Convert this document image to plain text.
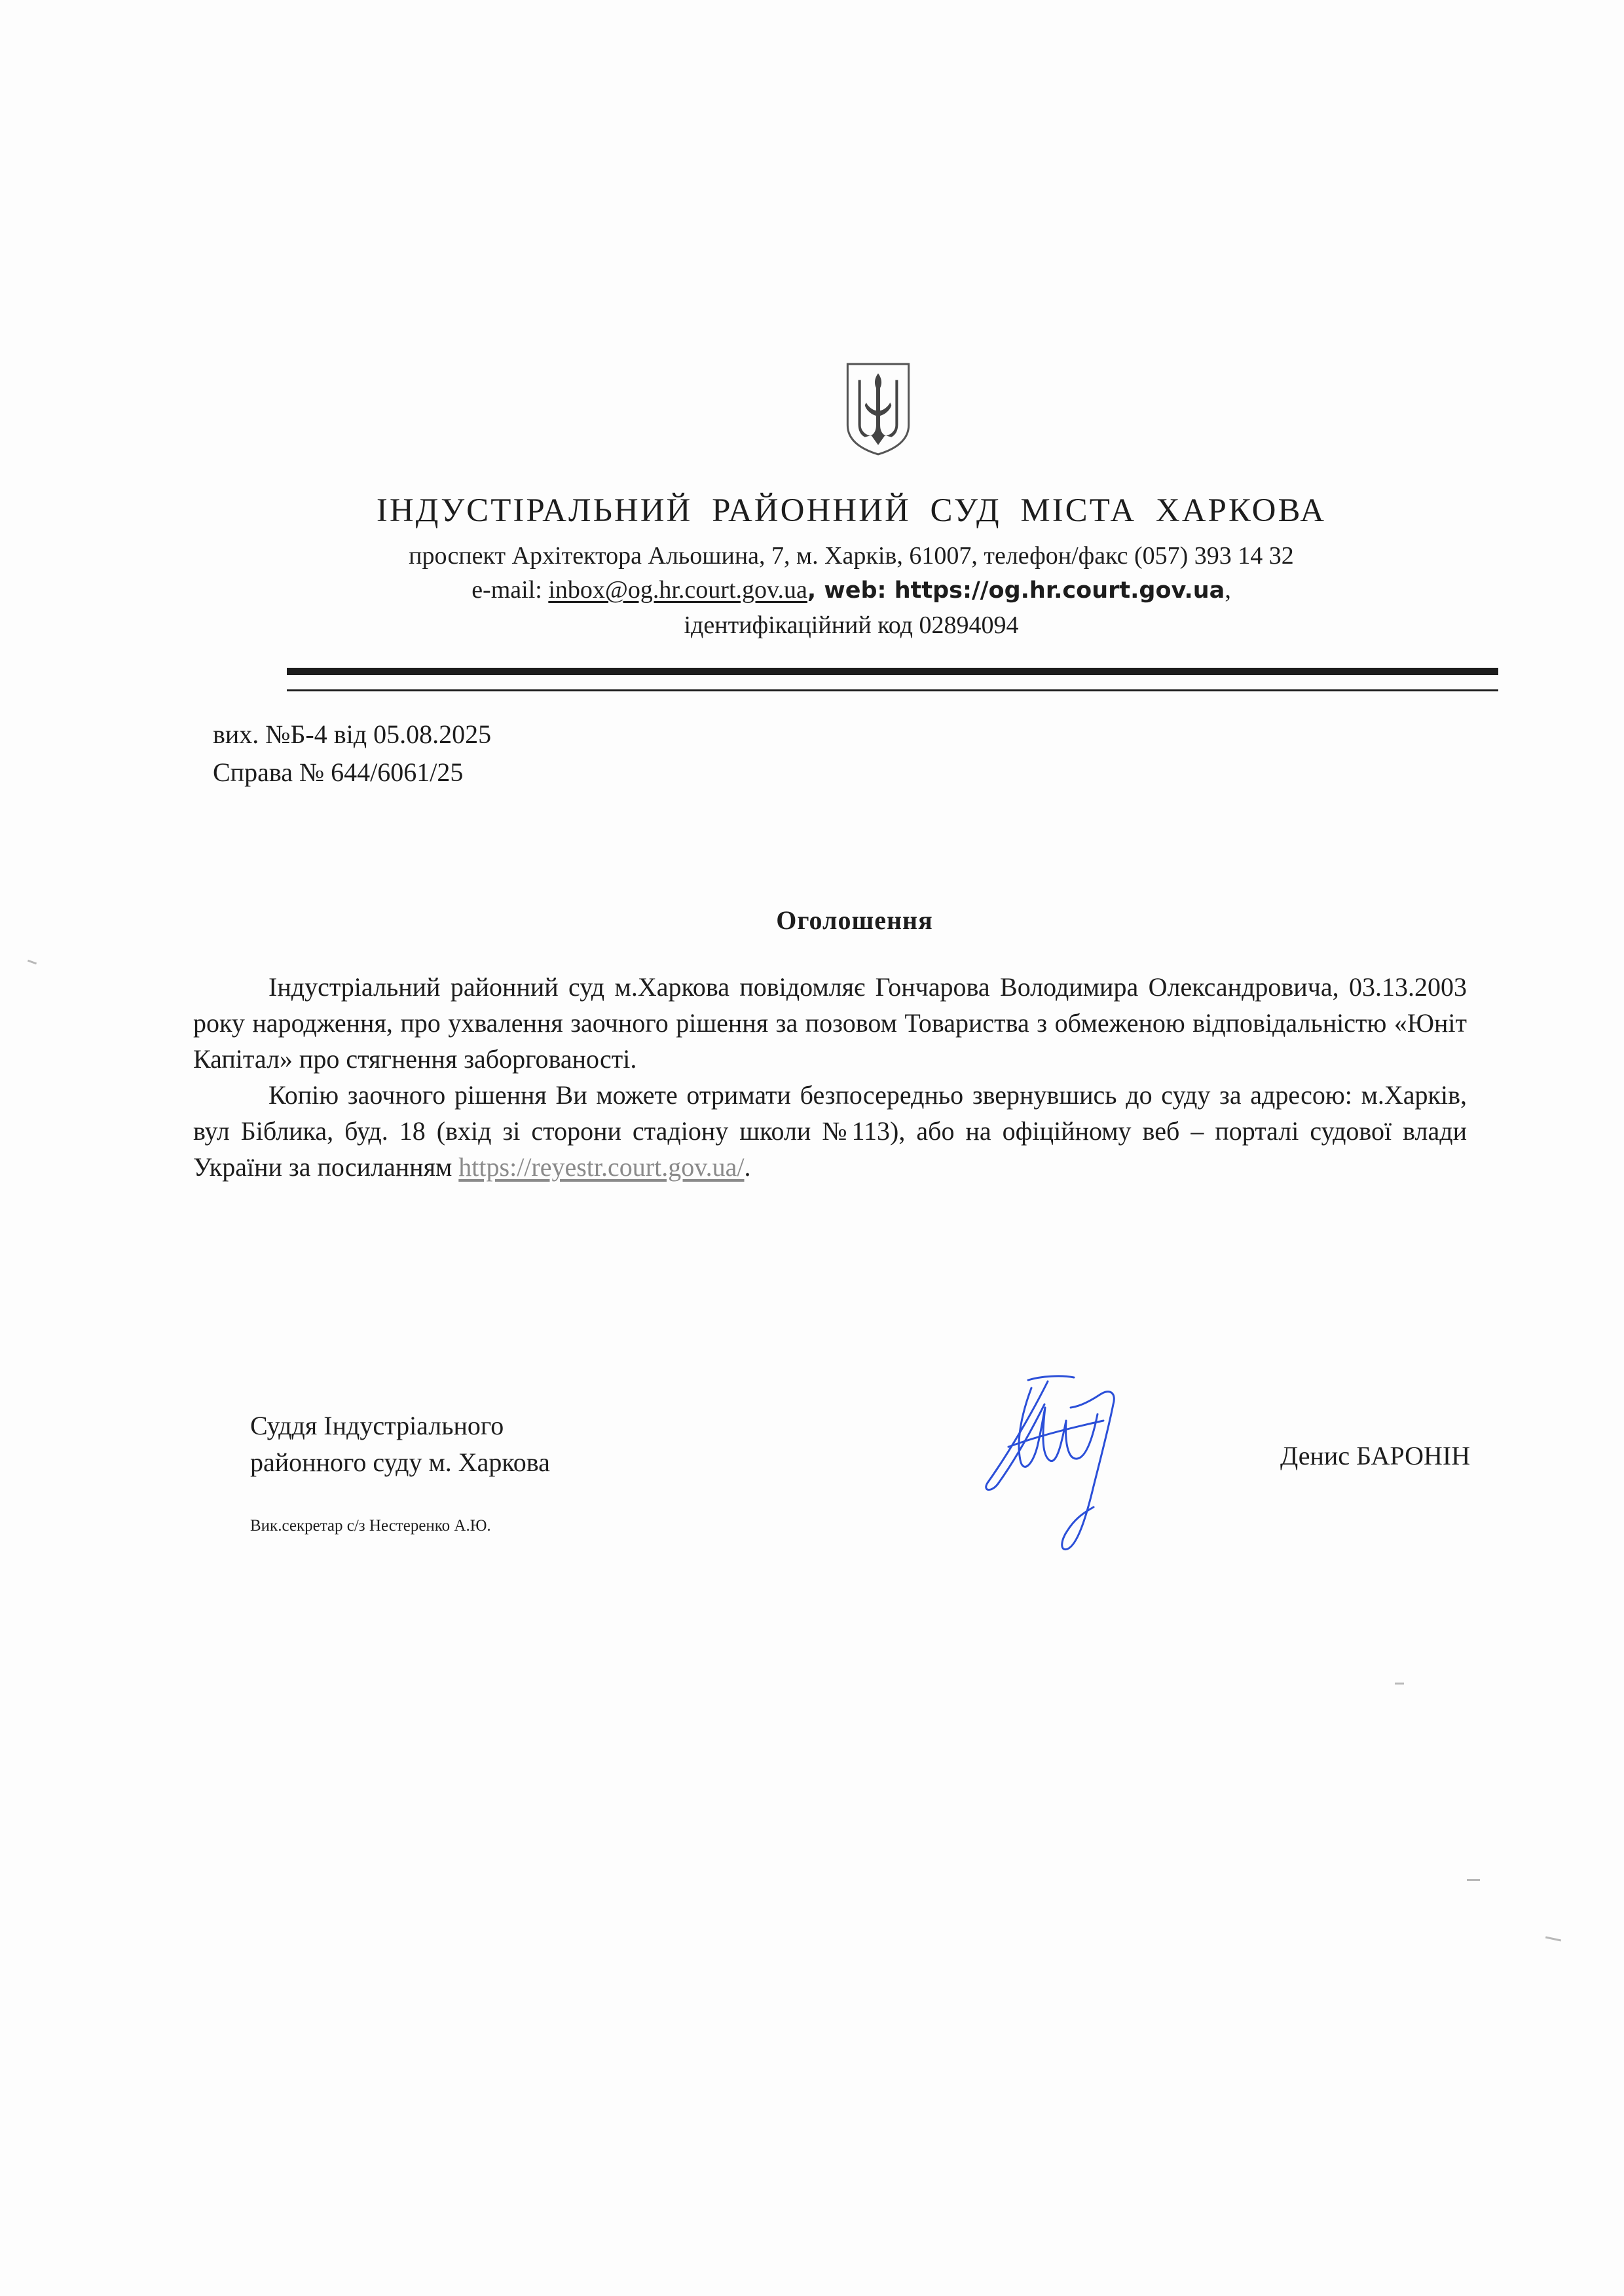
ІНДУСТІРАЛЬНИЙ РАЙОННИЙ СУД МІСТА ХАРКОВА
проспект Архітектора Альошина, 7, м. Харків, 61007, телефон/факс (057) 393 14 32
e-mail: inbox@og.hr.court.gov.ua, web: https://og.hr.court.gov.ua,
ідентифікаційний код 02894094
вих. №Б-4 від 05.08.2025
Справа № 644/6061/25
Оголошення

Індустріальний районний суд м.Харкова повідомляє Гончарова Володимира Олександровича, 03.13.2003 року народження, про ухвалення заочного рішення за позовом Товариства з обмеженою відповідальністю «Юніт Капітал» про стягнення заборгованості.

Копію заочного рішення Ви можете отримати безпосередньо звернувшись до суду за адресою: м.Харків, вул Біблика, буд. 18 (вхід зі сторони стадіону школи №113), або на офіційному веб – порталі судової влади України за посиланням https://reyestr.court.gov.ua/.

Суддя Індустріального
районного суду м. Харкова	Денис БАРОНІН
Вик.секретар с/з Нестеренко А.Ю.
